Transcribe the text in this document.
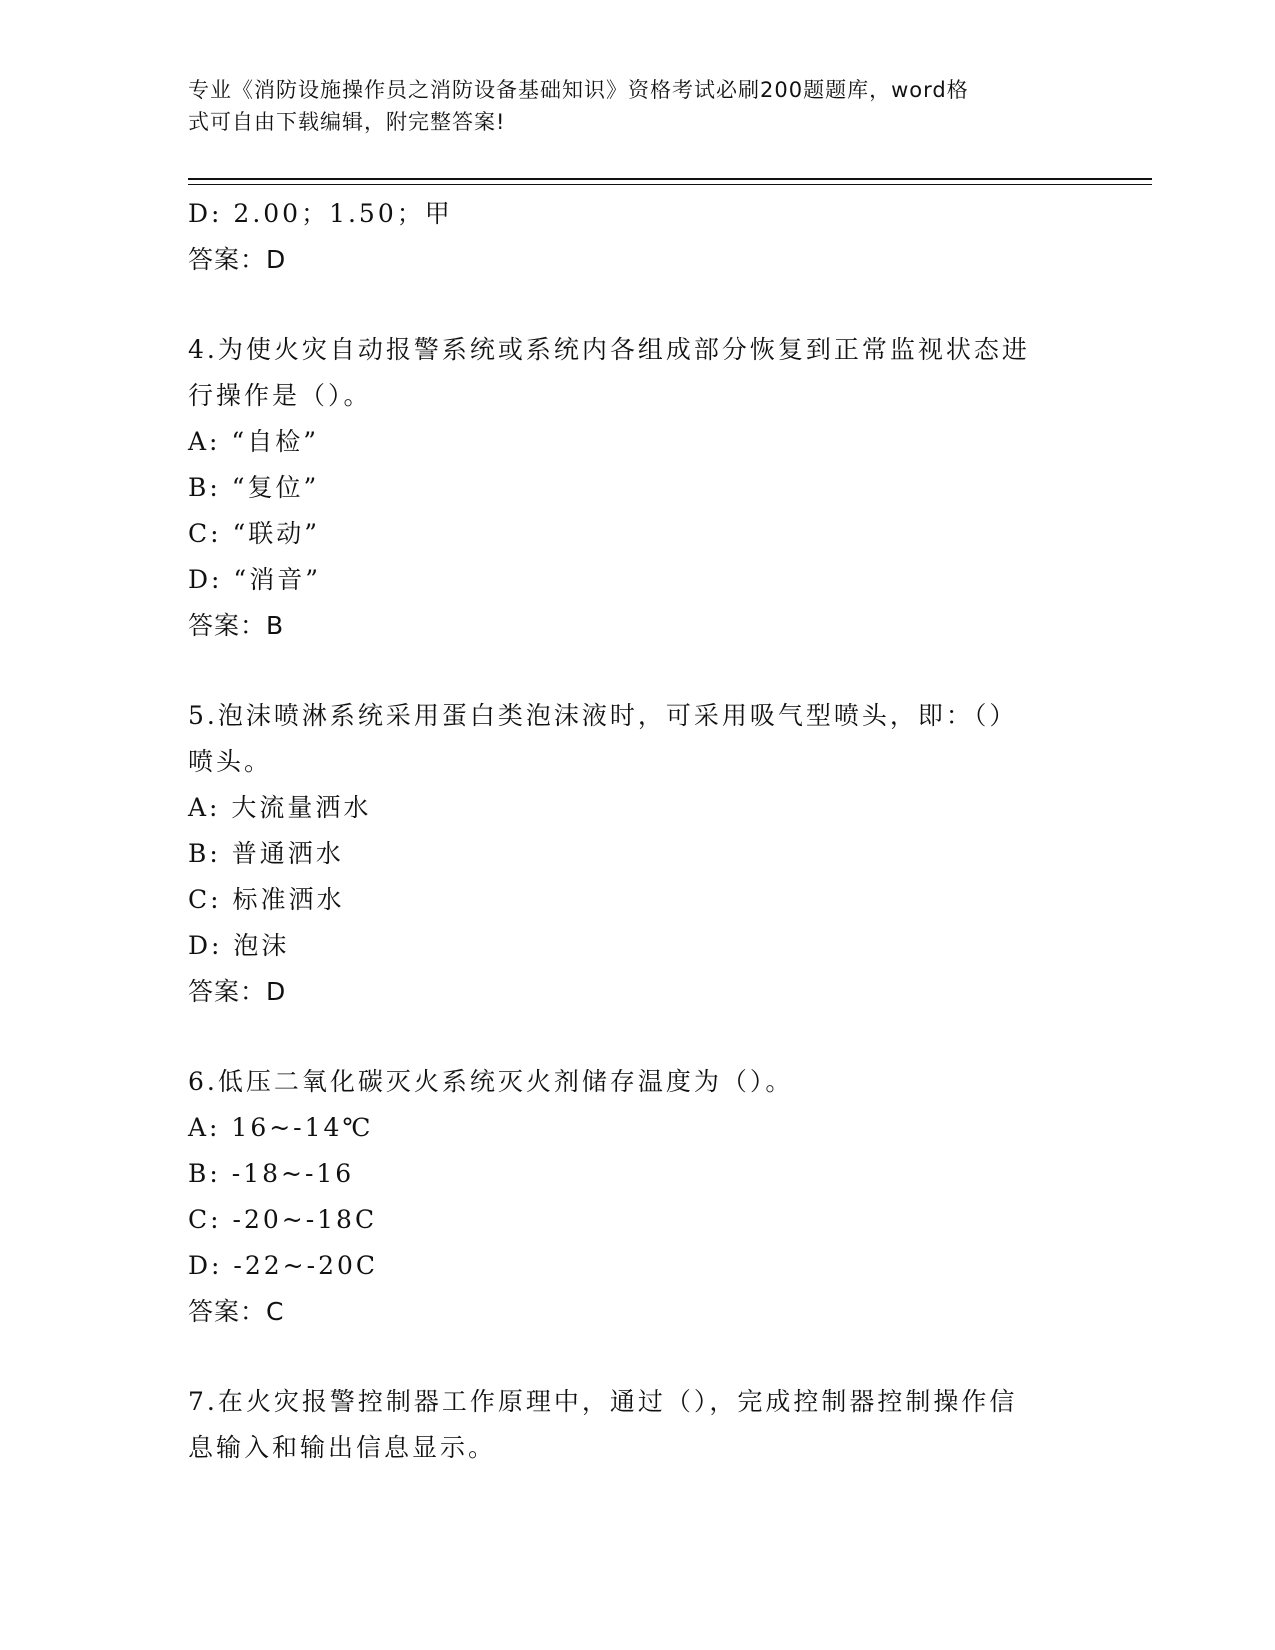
专业《消防设施操作员之消防设备基础知识》资格考试必刷200题题库，word格
式可自由下载编辑，附完整答案!
D: 2.00；1.50；甲
答案：D
4.为使火灾自动报警系统或系统内各组成部分恢复到正常监视状态进
行操作是（）。
A: “自检”
B: “复位”
C: “联动”
D: “消音”
答案：B
5.泡沫喷淋系统采用蛋白类泡沫液时，可采用吸气型喷头，即：（）
喷头。
A: 大流量洒水
B: 普通洒水
C: 标准洒水
D: 泡沫
答案：D
6.低压二氧化碳灭火系统灭火剂储存温度为（）。
A: 16~-14℃
B: -18~-16
C: -20~-18C
D: -22~-20C
答案：C
7.在火灾报警控制器工作原理中，通过（），完成控制器控制操作信
息输入和输出信息显示。
